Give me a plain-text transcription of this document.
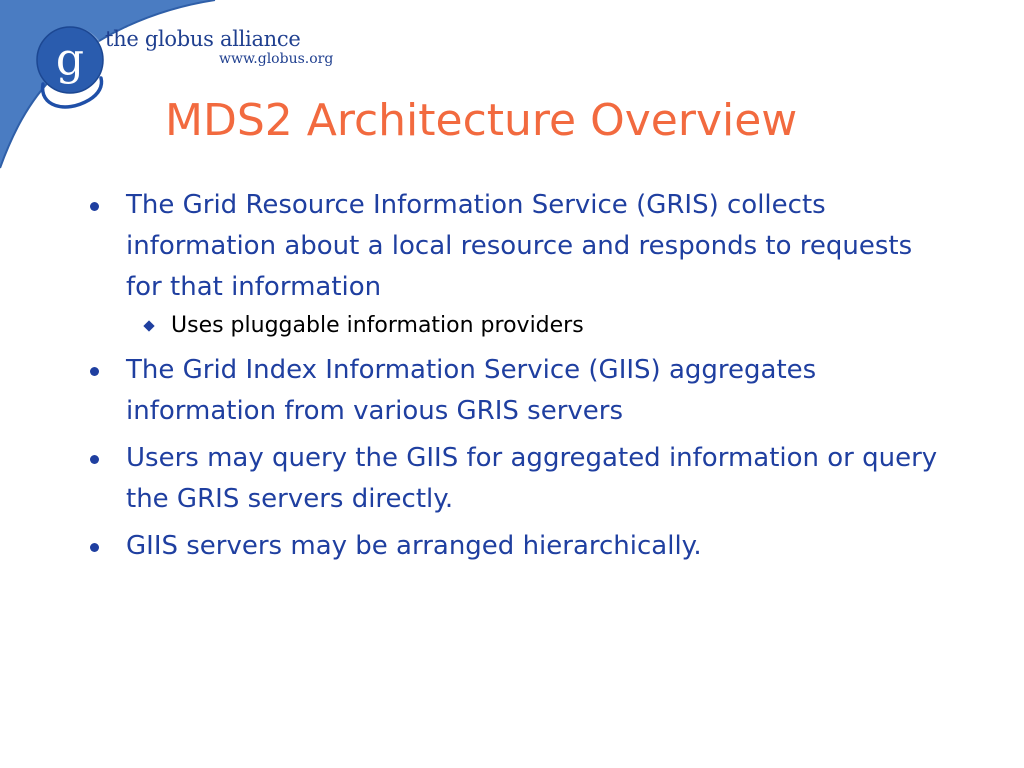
g the globus alliance
www.globus.org
MDS2 Architecture Overview
The Grid Resource Information Service (GRIS) collects information about a local resource and responds to requests for that information
Uses pluggable information providers
The Grid Index Information Service (GIIS) aggregates information from various GRIS servers
Users may query the GIIS for aggregated information or query the GRIS servers directly.
GIIS servers may be arranged hierarchically.
